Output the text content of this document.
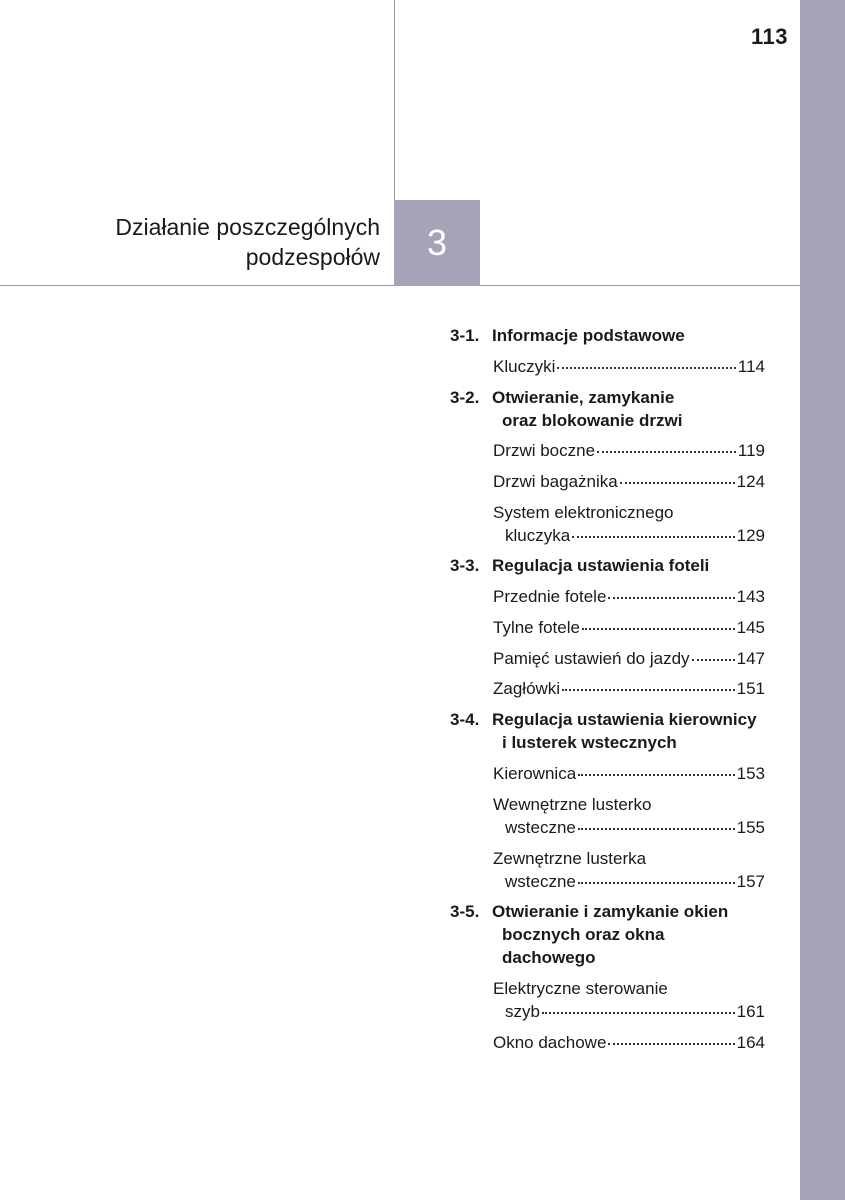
113
Działanie poszczególnych
podzespołów 3
3-1. Informacje podstawowe
Kluczyki	114
3-2. Otwieranie, zamykanie
oraz blokowanie drzwi
Drzwi boczne	119
Drzwi bagażnika	124
System elektronicznego
kluczyka	129
3-3. Regulacja ustawienia foteli
Przednie fotele	143
Tylne fotele	145
Pamięć ustawień do jazdy	147
Zagłówki	151
3-4. Regulacja ustawienia kierownicy
i lusterek wstecznych
Kierownica	153
Wewnętrzne lusterko
wsteczne	155
Zewnętrzne lusterka
wsteczne	157
3-5. Otwieranie i zamykanie okien
bocznych oraz okna
dachowego
Elektryczne sterowanie
szyb	161
Okno dachowe	164
